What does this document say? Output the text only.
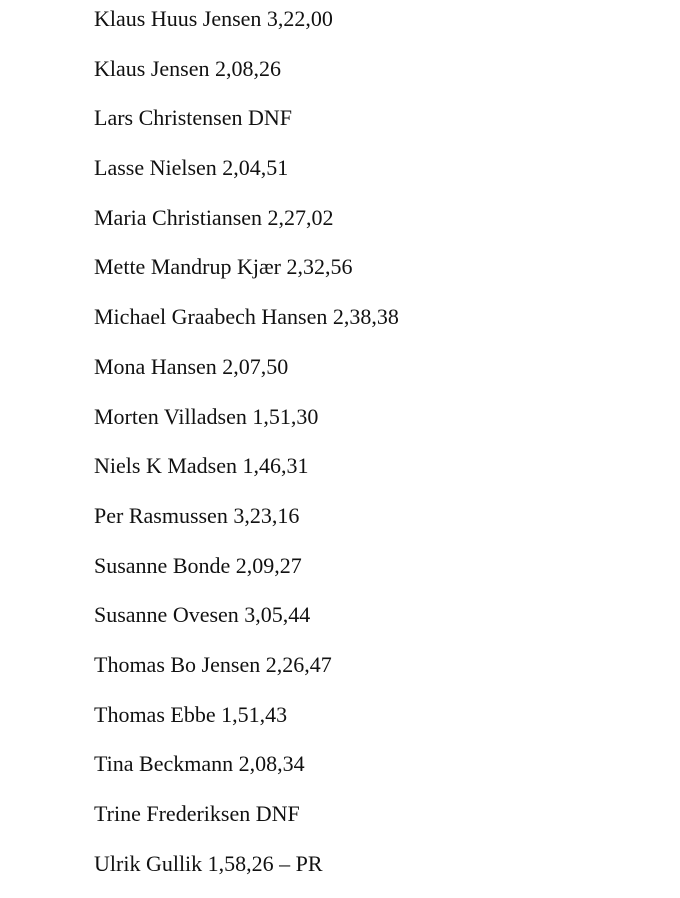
Klaus Huus Jensen 3,22,00
Klaus Jensen 2,08,26
Lars Christensen DNF
Lasse Nielsen 2,04,51
Maria Christiansen 2,27,02
Mette Mandrup Kjær 2,32,56
Michael Graabech Hansen 2,38,38
Mona Hansen 2,07,50
Morten Villadsen 1,51,30
Niels K Madsen 1,46,31
Per Rasmussen 3,23,16
Susanne Bonde 2,09,27
Susanne Ovesen 3,05,44
Thomas Bo Jensen 2,26,47
Thomas Ebbe 1,51,43
Tina Beckmann 2,08,34
Trine Frederiksen DNF
Ulrik Gullik 1,58,26 – PR
